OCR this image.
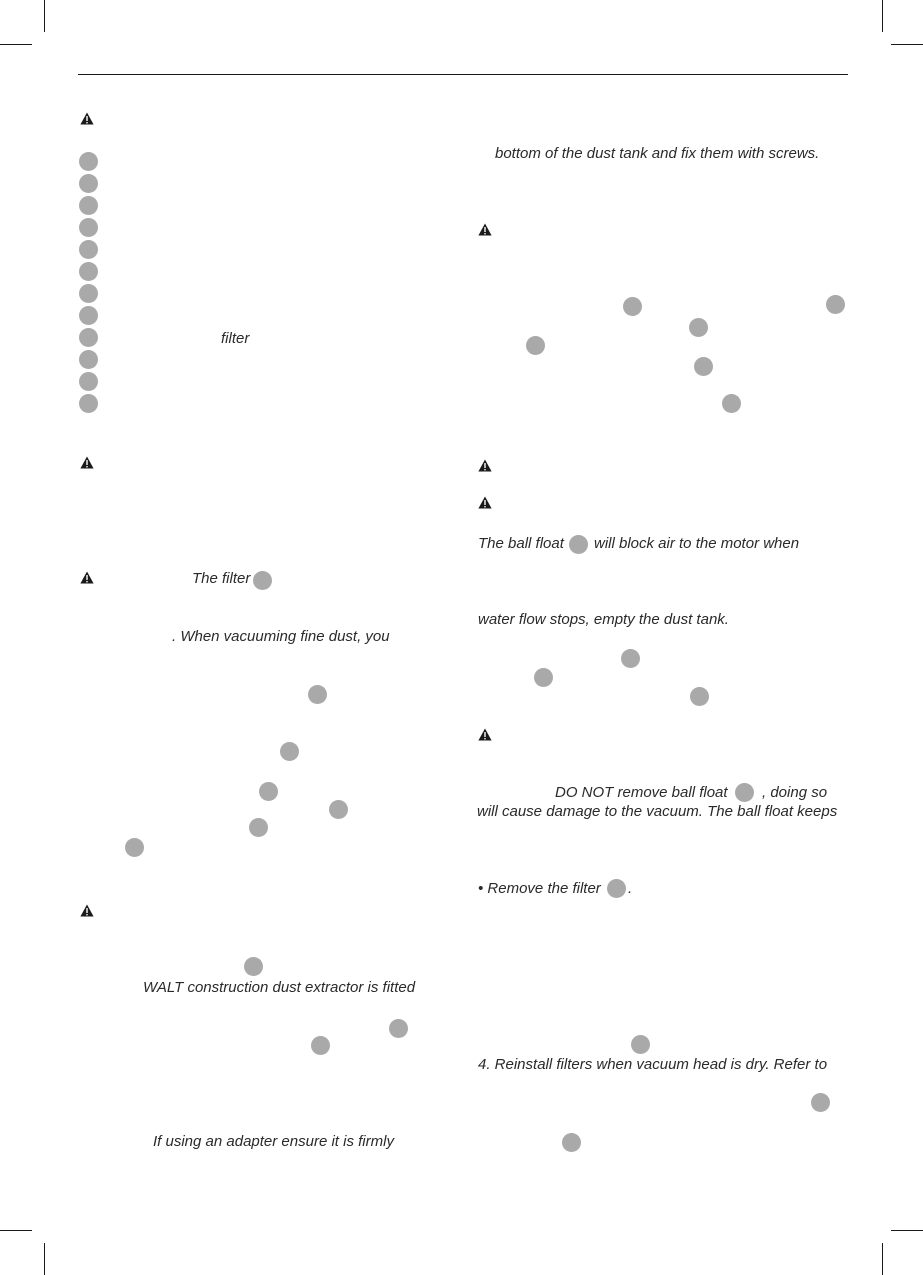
filter
The filter
. When vacuuming fine dust, you
WALT construction dust extractor is fitted
If using an adapter ensure it is firmly
bottom of the dust tank and fix them with screws.
The ball float will block air to the motor when
water flow stops, empty the dust tank.
DO NOT remove ball float , doing so
will cause damage to the vacuum. The ball float keeps
• Remove the filter .
4. Reinstall filters when vacuum head is dry. Refer to
